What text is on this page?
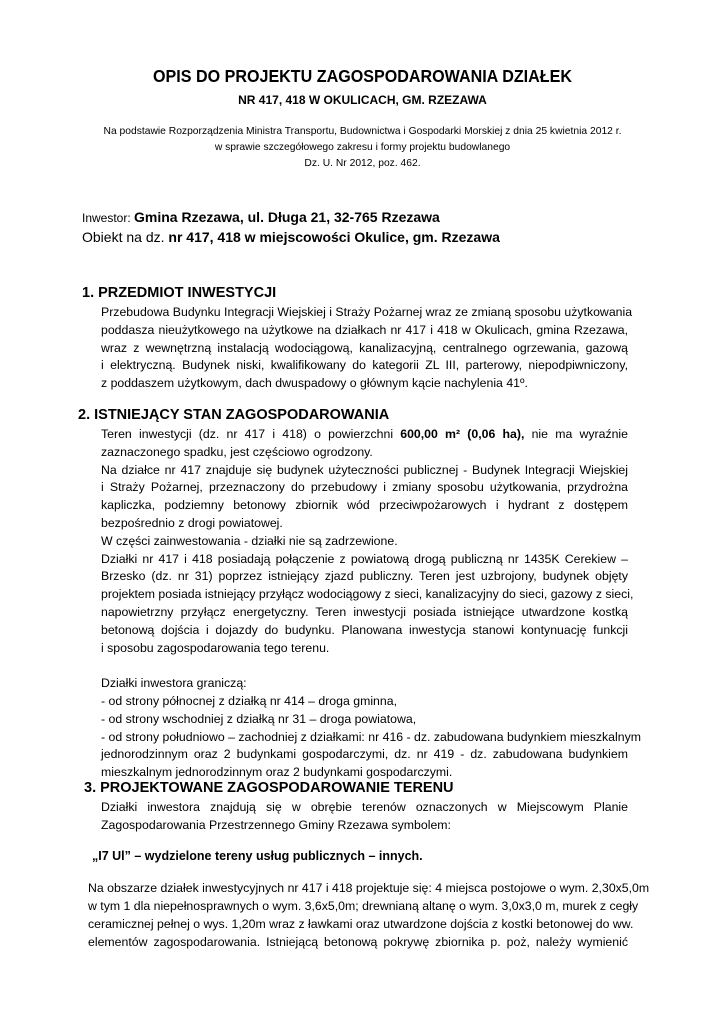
OPIS DO PROJEKTU ZAGOSPODAROWANIA DZIAŁEK
NR 417, 418 W OKULICACH, GM. RZEZAWA
Na podstawie Rozporządzenia Ministra Transportu, Budownictwa i Gospodarki Morskiej z dnia 25 kwietnia 2012 r.
w sprawie szczegółowego zakresu i formy projektu budowlanego
Dz. U. Nr 2012, poz. 462.
Inwestor: Gmina Rzezawa, ul. Długa 21, 32-765 Rzezawa
Obiekt na dz. nr 417, 418 w miejscowości Okulice, gm. Rzezawa
1. PRZEDMIOT INWESTYCJI
Przebudowa Budynku Integracji Wiejskiej i Straży Pożarnej wraz ze zmianą sposobu użytkowania
poddasza nieużytkowego na użytkowe na działkach nr 417 i 418 w Okulicach, gmina Rzezawa,
wraz z wewnętrzną instalacją wodociągową, kanalizacyjną, centralnego ogrzewania, gazową
i elektryczną. Budynek niski, kwalifikowany do kategorii ZL III, parterowy, niepodpiwniczony,
z poddaszem użytkowym, dach dwuspadowy o głównym kącie nachylenia 41º.
2. ISTNIEJĄCY STAN ZAGOSPODAROWANIA
Teren inwestycji (dz. nr 417 i 418) o powierzchni 600,00 m² (0,06 ha), nie ma wyraźnie
zaznaczonego spadku, jest częściowo ogrodzony.
Na działce nr 417 znajduje się budynek użyteczności publicznej - Budynek Integracji Wiejskiej
i Straży Pożarnej, przeznaczony do przebudowy i zmiany sposobu użytkowania, przydrożna
kapliczka, podziemny betonowy zbiornik wód przeciwpożarowych i hydrant z dostępem
bezpośrednio z drogi powiatowej.
W części zainwestowania - działki nie są zadrzewione.
Działki nr 417 i 418 posiadają połączenie z powiatową drogą publiczną nr 1435K Cerekiew –
Brzesko (dz. nr 31) poprzez istniejący zjazd publiczny. Teren jest uzbrojony, budynek objęty
projektem posiada istniejący przyłącz wodociągowy z sieci, kanalizacyjny do sieci, gazowy z sieci,
napowietrzny przyłącz energetyczny. Teren inwestycji posiada istniejące utwardzone kostką
betonową dojścia i dojazdy do budynku. Planowana inwestycja stanowi kontynuację funkcji
i sposobu zagospodarowania tego terenu.

Działki inwestora graniczą:
- od strony północnej z działką nr 414 – droga gminna,
- od strony wschodniej z działką nr 31 – droga powiatowa,
- od strony południowo – zachodniej z działkami: nr 416 - dz. zabudowana budynkiem mieszkalnym
jednorodzinnym oraz 2 budynkami gospodarczymi, dz. nr 419 - dz. zabudowana budynkiem
mieszkalnym jednorodzinnym oraz 2 budynkami gospodarczymi.
3. PROJEKTOWANE ZAGOSPODAROWANIE TERENU
Działki inwestora znajdują się w obrębie terenów oznaczonych w Miejscowym Planie
Zagospodarowania Przestrzennego Gminy Rzezawa symbolem:
„I7 Ul” – wydzielone tereny usług publicznych – innych.
Na obszarze działek inwestycyjnych nr 417 i 418 projektuje się: 4 miejsca postojowe o wym. 2,30x5,0m
w tym 1 dla niepełnosprawnych o wym. 3,6x5,0m; drewnianą altanę o wym. 3,0x3,0 m, murek z cegły
ceramicznej pełnej o wys. 1,20m wraz z ławkami oraz utwardzone dojścia z kostki betonowej do ww.
elementów zagospodarowania. Istniejącą betonową pokrywę zbiornika p. poż, należy wymienić
